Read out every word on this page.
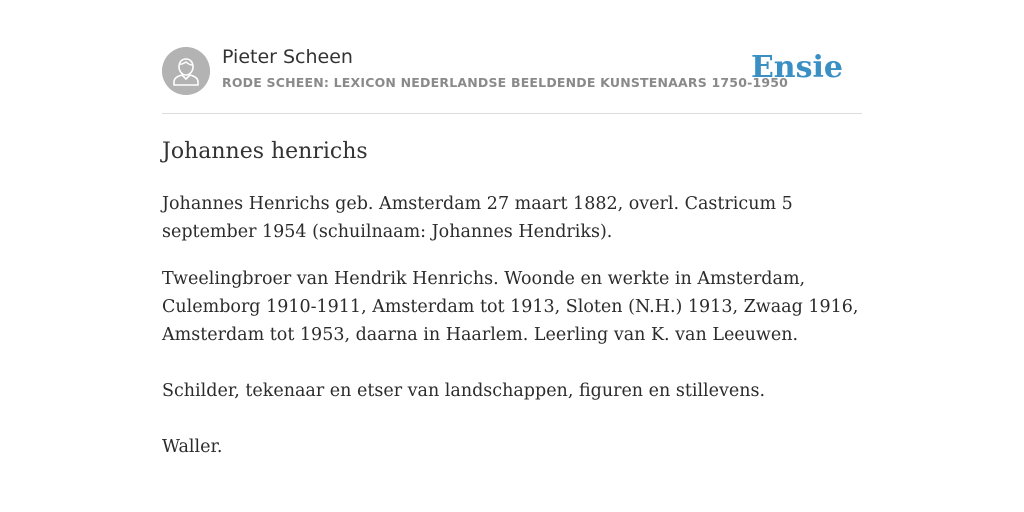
Pieter Scheen
RODE SCHEEN: LEXICON NEDERLANDSE BEELDENDE KUNSTENAARS 1750-1950
Ensie
Johannes henrichs

Johannes Henrichs geb. Amsterdam 27 maart 1882, overl. Castricum 5 september 1954 (schuilnaam: Johannes Hendriks).

Tweelingbroer van Hendrik Henrichs. Woonde en werkte in Amsterdam, Culemborg 1910-1911, Amsterdam tot 1913, Sloten (N.H.) 1913, Zwaag 1916, Amsterdam tot 1953, daarna in Haarlem. Leerling van K. van Leeuwen.

Schilder, tekenaar en etser van landschappen, figuren en stillevens.

Waller.
